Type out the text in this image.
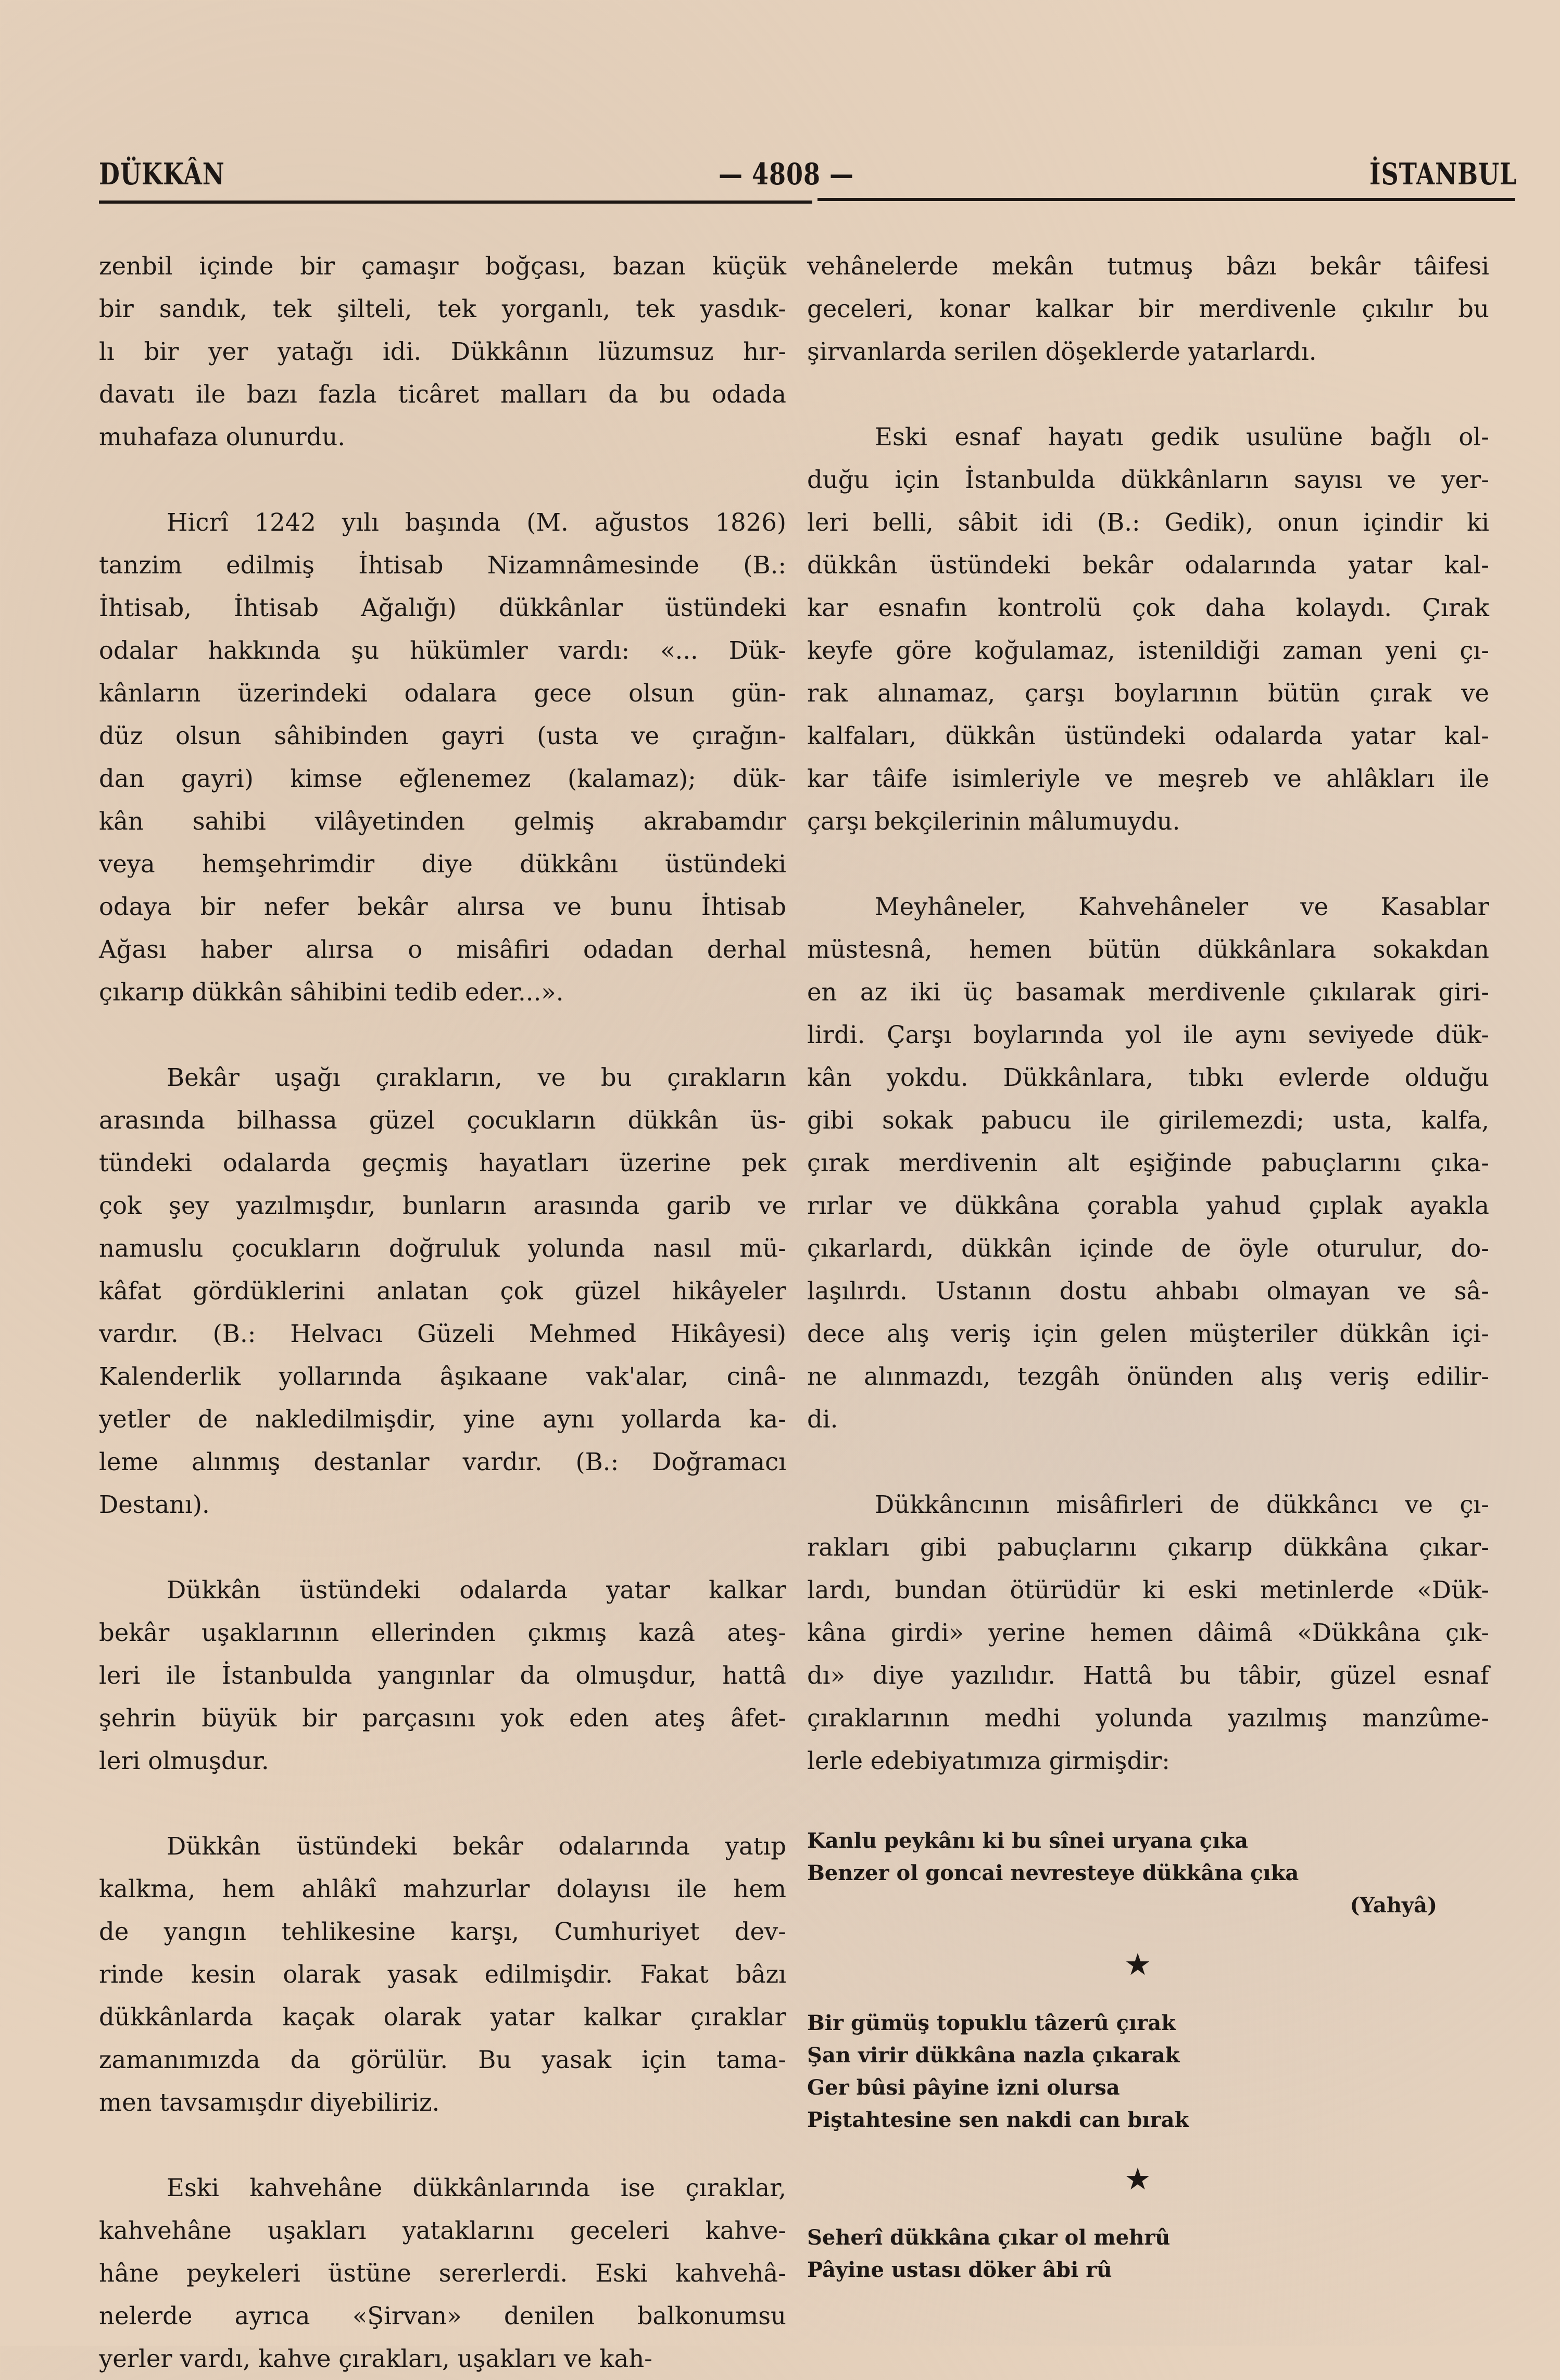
DÜKKÂN	— 4808 —	İSTANBUL
zenbil içinde bir çamaşır boğçası, bazan küçük
bir sandık, tek şilteli, tek yorganlı, tek yasdık-
lı bir yer yatağı idi. Dükkânın lüzumsuz hır-
davatı ile bazı fazla ticâret malları da bu odada
muhafaza olunurdu.
Hicrî 1242 yılı başında (M. ağustos 1826)
tanzim edilmiş İhtisab Nizamnâmesinde (B.:
İhtisab, İhtisab Ağalığı) dükkânlar üstündeki
odalar hakkında şu hükümler vardı: «... Dük-
kânların üzerindeki odalara gece olsun gün-
düz olsun sâhibinden gayri (usta ve çırağın-
dan gayri) kimse eğlenemez (kalamaz); dük-
kân sahibi vilâyetinden gelmiş akrabamdır
veya hemşehrimdir diye dükkânı üstündeki
odaya bir nefer bekâr alırsa ve bunu İhtisab
Ağası haber alırsa o misâfiri odadan derhal
çıkarıp dükkân sâhibini tedib eder...».
Bekâr uşağı çırakların, ve bu çırakların
arasında bilhassa güzel çocukların dükkân üs-
tündeki odalarda geçmiş hayatları üzerine pek
çok şey yazılmışdır, bunların arasında garib ve
namuslu çocukların doğruluk yolunda nasıl mü-
kâfat gördüklerini anlatan çok güzel hikâyeler
vardır. (B.: Helvacı Güzeli Mehmed Hikâyesi)
Kalenderlik yollarında âşıkaane vak'alar, cinâ-
yetler de nakledilmişdir, yine aynı yollarda ka-
leme alınmış destanlar vardır. (B.: Doğramacı
Destanı).
Dükkân üstündeki odalarda yatar kalkar
bekâr uşaklarının ellerinden çıkmış kazâ ateş-
leri ile İstanbulda yangınlar da olmuşdur, hattâ
şehrin büyük bir parçasını yok eden ateş âfet-
leri olmuşdur.
Dükkân üstündeki bekâr odalarında yatıp
kalkma, hem ahlâkî mahzurlar dolayısı ile hem
de yangın tehlikesine karşı, Cumhuriyet dev-
rinde kesin olarak yasak edilmişdir. Fakat bâzı
dükkânlarda kaçak olarak yatar kalkar çıraklar
zamanımızda da görülür. Bu yasak için tama-
men tavsamışdır diyebiliriz.
Eski kahvehâne dükkânlarında ise çıraklar,
kahvehâne uşakları yataklarını geceleri kahve-
hâne peykeleri üstüne sererlerdi. Eski kahvehâ-
nelerde ayrıca «Şirvan» denilen balkonumsu
yerler vardı, kahve çırakları, uşakları ve kah-
vehânelerde mekân tutmuş bâzı bekâr tâifesi
geceleri, konar kalkar bir merdivenle çıkılır bu
şirvanlarda serilen döşeklerde yatarlardı.
Eski esnaf hayatı gedik usulüne bağlı ol-
duğu için İstanbulda dükkânların sayısı ve yer-
leri belli, sâbit idi (B.: Gedik), onun içindir ki
dükkân üstündeki bekâr odalarında yatar kal-
kar esnafın kontrolü çok daha kolaydı. Çırak
keyfe göre koğulamaz, istenildiği zaman yeni çı-
rak alınamaz, çarşı boylarının bütün çırak ve
kalfaları, dükkân üstündeki odalarda yatar kal-
kar tâife isimleriyle ve meşreb ve ahlâkları ile
çarşı bekçilerinin mâlumuydu.
Meyhâneler, Kahvehâneler ve Kasablar
müstesnâ, hemen bütün dükkânlara sokakdan
en az iki üç basamak merdivenle çıkılarak giri-
lirdi. Çarşı boylarında yol ile aynı seviyede dük-
kân yokdu. Dükkânlara, tıbkı evlerde olduğu
gibi sokak pabucu ile girilemezdi; usta, kalfa,
çırak merdivenin alt eşiğinde pabuçlarını çıka-
rırlar ve dükkâna çorabla yahud çıplak ayakla
çıkarlardı, dükkân içinde de öyle oturulur, do-
laşılırdı. Ustanın dostu ahbabı olmayan ve sâ-
dece alış veriş için gelen müşteriler dükkân içi-
ne alınmazdı, tezgâh önünden alış veriş edilir-
di.
Dükkâncının misâfirleri de dükkâncı ve çı-
rakları gibi pabuçlarını çıkarıp dükkâna çıkar-
lardı, bundan ötürüdür ki eski metinlerde «Dük-
kâna girdi» yerine hemen dâimâ «Dükkâna çık-
dı» diye yazılıdır. Hattâ bu tâbir, güzel esnaf
çıraklarının medhi yolunda yazılmış manzûme-
lerle edebiyatımıza girmişdir:
Kanlu peykânı ki bu sînei uryana çıka
Benzer ol goncai nevresteye dükkâna çıka
(Yahyâ)
★
Bir gümüş topuklu tâzerû çırak
Şan virir dükkâna nazla çıkarak
Ger bûsi pâyine izni olursa
Piştahtesine sen nakdi can bırak
★
Seherî dükkâna çıkar ol mehrû
Pâyine ustası döker âbi rû
